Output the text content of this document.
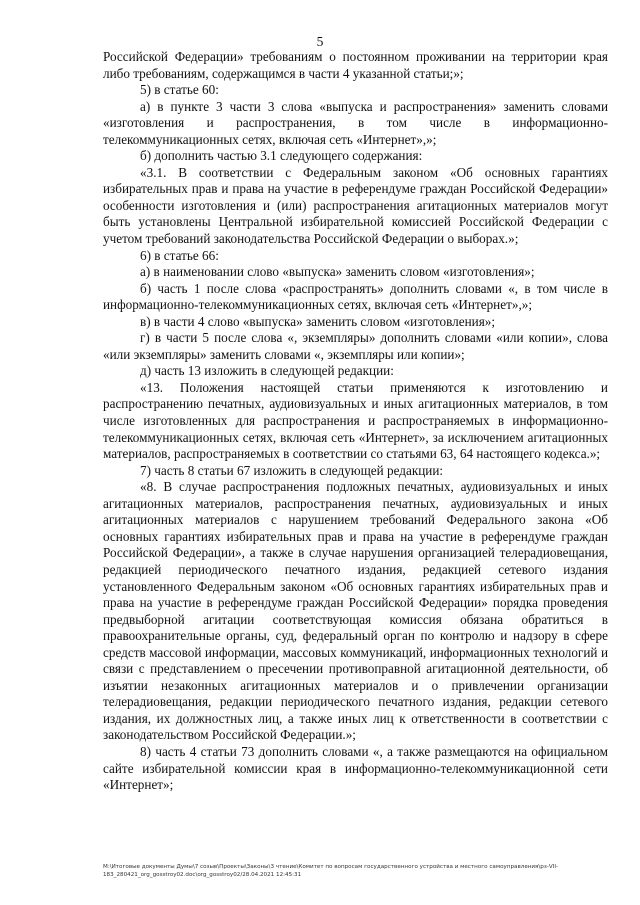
5

Российской Федерации» требованиям о постоянном проживании на территории края либо требованиям, содержащимся в части 4 указанной статьи;»;

5) в статье 60:

а) в пункте 3 части 3 слова «выпуска и распространения» заменить словами «изготовления и распространения, в том числе в информационно-телекоммуникационных сетях, включая сеть «Интернет»,»;

б) дополнить частью 3.1 следующего содержания:

«3.1. В соответствии с Федеральным законом «Об основных гарантиях избирательных прав и права на участие в референдуме граждан Российской Федерации» особенности изготовления и (или) распространения агитационных материалов могут быть установлены Центральной избирательной комиссией Российской Федерации с учетом требований законодательства Российской Федерации о выборах.»;

6) в статье 66:

а) в наименовании слово «выпуска» заменить словом «изготовления»;

б) часть 1 после слова «распространять» дополнить словами «, в том числе в информационно-телекоммуникационных сетях, включая сеть «Интернет»,»;

в) в части 4 слово «выпуска» заменить словом «изготовления»;

г) в части 5 после слова «, экземпляры» дополнить словами «или копии», слова «или экземпляры» заменить словами «, экземпляры или копии»;

д) часть 13 изложить в следующей редакции:

«13. Положения настоящей статьи применяются к изготовлению и распространению печатных, аудиовизуальных и иных агитационных материалов, в том числе изготовленных для распространения и распространяемых в информационно-телекоммуникационных сетях, включая сеть «Интернет», за исключением агитационных материалов, распространяемых в соответствии со статьями 63, 64 настоящего кодекса.»;

7) часть 8 статьи 67 изложить в следующей редакции:

«8. В случае распространения подложных печатных, аудиовизуальных и иных агитационных материалов, распространения печатных, аудиовизуальных и иных агитационных материалов с нарушением требований Федерального закона «Об основных гарантиях избирательных прав и права на участие в референдуме граждан Российской Федерации», а также в случае нарушения организацией телерадиовещания, редакцией периодического печатного издания, редакцией сетевого издания установленного Федеральным законом «Об основных гарантиях избирательных прав и права на участие в референдуме граждан Российской Федерации» порядка проведения предвыборной агитации соответствующая комиссия обязана обратиться в правоохранительные органы, суд, федеральный орган по контролю и надзору в сфере средств массовой информации, массовых коммуникаций, информационных технологий и связи с представлением о пресечении противоправной агитационной деятельности, об изъятии незаконных агитационных материалов и о привлечении организации телерадиовещания, редакции периодического печатного издания, редакции сетевого издания, их должностных лиц, а также иных лиц к ответственности в соответствии с законодательством Российской Федерации.»;

8) часть 4 статьи 73 дополнить словами «, а также размещаются на официальном сайте избирательной комиссии края в информационно-телекоммуникационной сети «Интернет»;

М:\Итоговые документы Думы\7 созыв\Проекты\Законы\3 чтение\Комитет по вопросам государственного устройства и местного самоуправления\рз-VII-
183_280421_org_gosstroy02.doc\org_gosstroy02/28.04.2021 12:45:31
